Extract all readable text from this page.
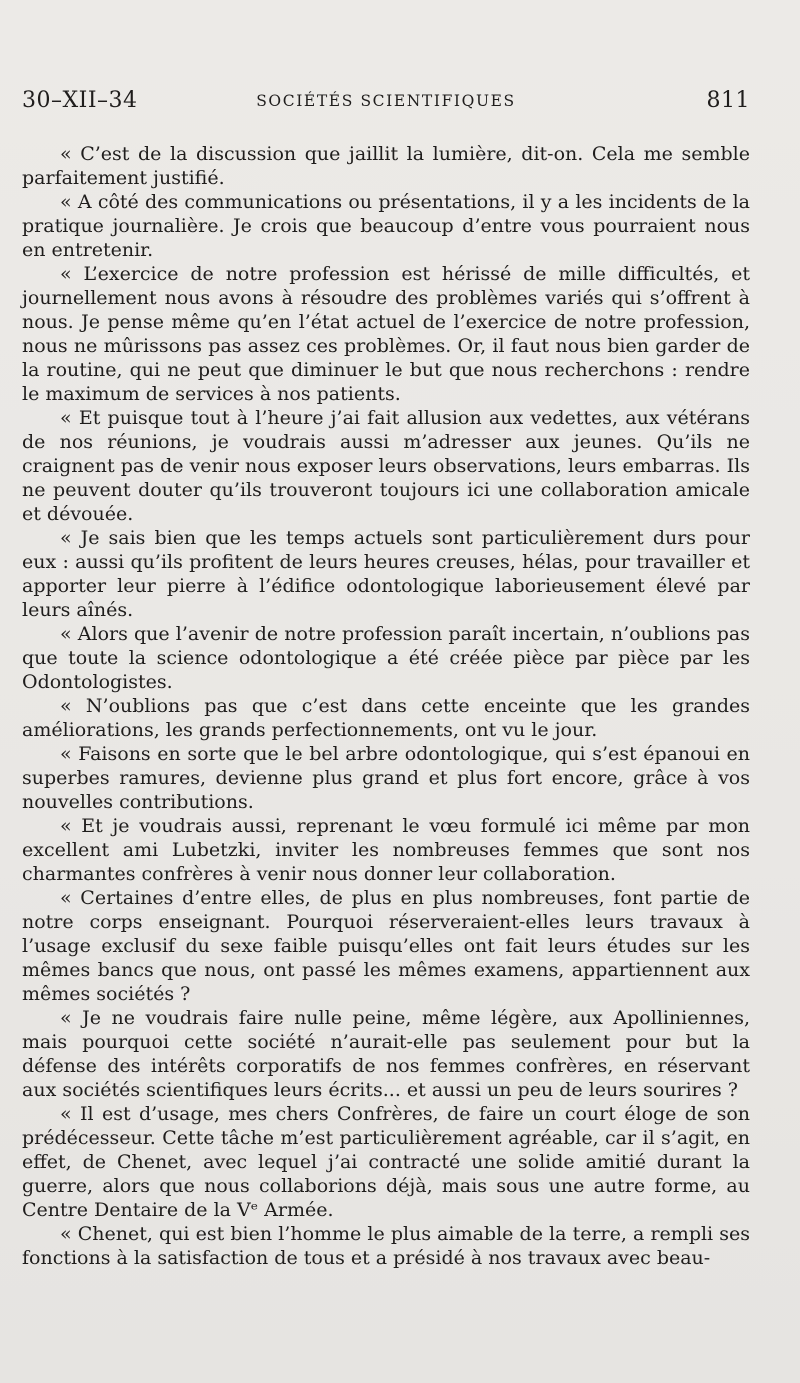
30–XII–34	SOCIÉTÉS SCIENTIFIQUES	811

« C’est de la discussion que jaillit la lumière, dit-on. Cela me semble parfaitement justifié.

« A côté des communications ou présentations, il y a les incidents de la pratique journalière. Je crois que beaucoup d’entre vous pourraient nous en entretenir.

« L’exercice de notre profession est hérissé de mille difficultés, et journellement nous avons à résoudre des problèmes variés qui s’offrent à nous. Je pense même qu’en l’état actuel de l’exercice de notre profession, nous ne mûrissons pas assez ces problèmes. Or, il faut nous bien garder de la routine, qui ne peut que diminuer le but que nous recherchons : rendre le maximum de services à nos patients.

« Et puisque tout à l’heure j’ai fait allusion aux vedettes, aux vétérans de nos réunions, je voudrais aussi m’adresser aux jeunes. Qu’ils ne craignent pas de venir nous exposer leurs observations, leurs embarras. Ils ne peuvent douter qu’ils trouveront toujours ici une collaboration amicale et dévouée.

« Je sais bien que les temps actuels sont particulièrement durs pour eux : aussi qu’ils profitent de leurs heures creuses, hélas, pour travailler et apporter leur pierre à l’édifice odontologique laborieusement élevé par leurs aînés.

« Alors que l’avenir de notre profession paraît incertain, n’oublions pas que toute la science odontologique a été créée pièce par pièce par les Odontologistes.

« N’oublions pas que c’est dans cette enceinte que les grandes améliorations, les grands perfectionnements, ont vu le jour.

« Faisons en sorte que le bel arbre odontologique, qui s’est épanoui en superbes ramures, devienne plus grand et plus fort encore, grâce à vos nouvelles contributions.

« Et je voudrais aussi, reprenant le vœu formulé ici même par mon excellent ami Lubetzki, inviter les nombreuses femmes que sont nos charmantes confrères à venir nous donner leur collaboration.

« Certaines d’entre elles, de plus en plus nombreuses, font partie de notre corps enseignant. Pourquoi réserveraient-elles leurs travaux à l’usage exclusif du sexe faible puisqu’elles ont fait leurs études sur les mêmes bancs que nous, ont passé les mêmes examens, appartiennent aux mêmes sociétés ?

« Je ne voudrais faire nulle peine, même légère, aux Apolliniennes, mais pourquoi cette société n’aurait-elle pas seulement pour but la défense des intérêts corporatifs de nos femmes confrères, en réservant aux sociétés scientifiques leurs écrits... et aussi un peu de leurs sourires ?

« Il est d’usage, mes chers Confrères, de faire un court éloge de son prédécesseur. Cette tâche m’est particulièrement agréable, car il s’agit, en effet, de Chenet, avec lequel j’ai contracté une solide amitié durant la guerre, alors que nous collaborions déjà, mais sous une autre forme, au Centre Dentaire de la Vᵉ Armée.

« Chenet, qui est bien l’homme le plus aimable de la terre, a rempli ses fonctions à la satisfaction de tous et a présidé à nos travaux avec beau-
